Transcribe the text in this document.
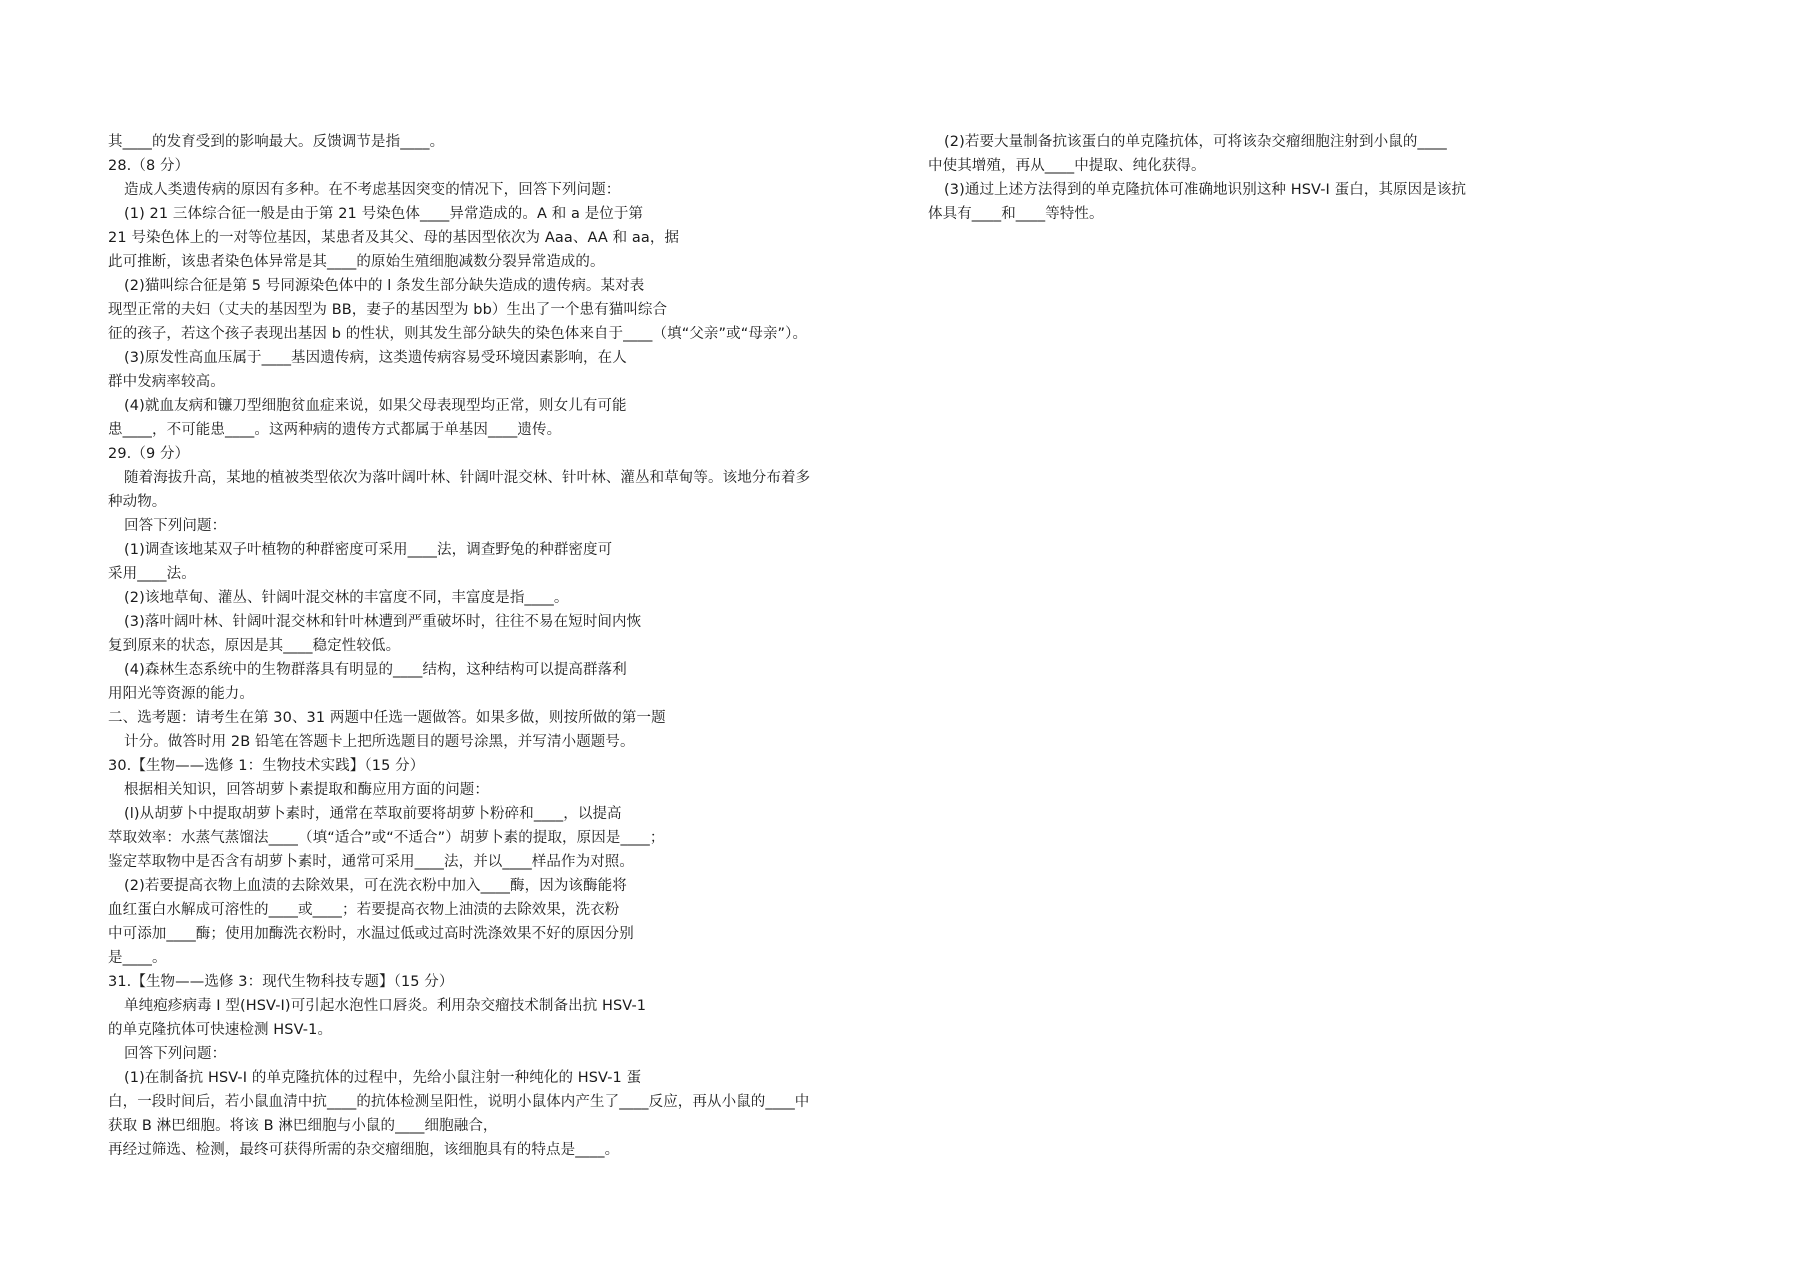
其____的发育受到的影响最大。反馈调节是指____。
28.（8 分）
造成人类遗传病的原因有多种。在不考虑基因突变的情况下，回答下列问题：
(1) 21 三体综合征一般是由于第 21 号染色体____异常造成的。A 和 a 是位于第
21 号染色体上的一对等位基因，某患者及其父、母的基因型依次为 Aaa、AA 和 aa，据
此可推断，该患者染色体异常是其____的原始生殖细胞减数分裂异常造成的。
(2)猫叫综合征是第 5 号同源染色体中的 l 条发生部分缺失造成的遗传病。某对表
现型正常的夫妇（丈夫的基因型为 BB，妻子的基因型为 bb）生出了一个患有猫叫综合
征的孩子，若这个孩子表现出基因 b 的性状，则其发生部分缺失的染色体来自于____（填“父亲”或“母亲”）。
(3)原发性高血压属于____基因遗传病，这类遗传病容易受环境因素影响，在人
群中发病率较高。
(4)就血友病和镰刀型细胞贫血症来说，如果父母表现型均正常，则女儿有可能
患____，不可能患____。这两种病的遗传方式都属于单基因____遗传。
29.（9 分）
随着海拔升高，某地的植被类型依次为落叶阔叶林、针阔叶混交林、针叶林、灌丛和草甸等。该地分布着多
种动物。
回答下列问题：
(1)调查该地某双子叶植物的种群密度可采用____法，调查野兔的种群密度可
采用____法。
(2)该地草甸、灌丛、针阔叶混交林的丰富度不同，丰富度是指____。
(3)落叶阔叶林、针阔叶混交林和针叶林遭到严重破坏时，往往不易在短时间内恢
复到原来的状态，原因是其____稳定性较低。
(4)森林生态系统中的生物群落具有明显的____结构，这种结构可以提高群落利
用阳光等资源的能力。
二、选考题：请考生在第 30、31 两题中任选一题做答。如果多做，则按所做的第一题
计分。做答时用 2B 铅笔在答题卡上把所选题目的题号涂黑，并写清小题题号。
30.【生物——选修 1：生物技术实践】（15 分）
根据相关知识，回答胡萝卜素提取和酶应用方面的问题：
(l)从胡萝卜中提取胡萝卜素时，通常在萃取前要将胡萝卜粉碎和____，以提高
萃取效率：水蒸气蒸馏法____（填“适合”或“不适合”）胡萝卜素的提取，原因是____；
鉴定萃取物中是否含有胡萝卜素时，通常可采用____法，并以____样品作为对照。
(2)若要提高衣物上血渍的去除效果，可在洗衣粉中加入____酶，因为该酶能将
血红蛋白水解成可溶性的____或____；若要提高衣物上油渍的去除效果，洗衣粉
中可添加____酶；使用加酶洗衣粉时，水温过低或过高时洗涤效果不好的原因分别
是____。
31.【生物——选修 3：现代生物科技专题】（15 分）
单纯疱疹病毒 I 型(HSV-I)可引起水泡性口唇炎。利用杂交瘤技术制备出抗 HSV-1
的单克隆抗体可快速检测 HSV-1。
回答下列问题：
(1)在制备抗 HSV-I 的单克隆抗体的过程中，先给小鼠注射一种纯化的 HSV-1 蛋
白，一段时间后，若小鼠血清中抗____的抗体检测呈阳性，说明小鼠体内产生了____反应，再从小鼠的____中
获取 B 淋巴细胞。将该 B 淋巴细胞与小鼠的____细胞融合，
再经过筛选、检测，最终可获得所需的杂交瘤细胞，该细胞具有的特点是____。
(2)若要大量制备抗该蛋白的单克隆抗体，可将该杂交瘤细胞注射到小鼠的____
中使其增殖，再从____中提取、纯化获得。
(3)通过上述方法得到的单克隆抗体可准确地识别这种 HSV-I 蛋白，其原因是该抗
体具有____和____等特性。
